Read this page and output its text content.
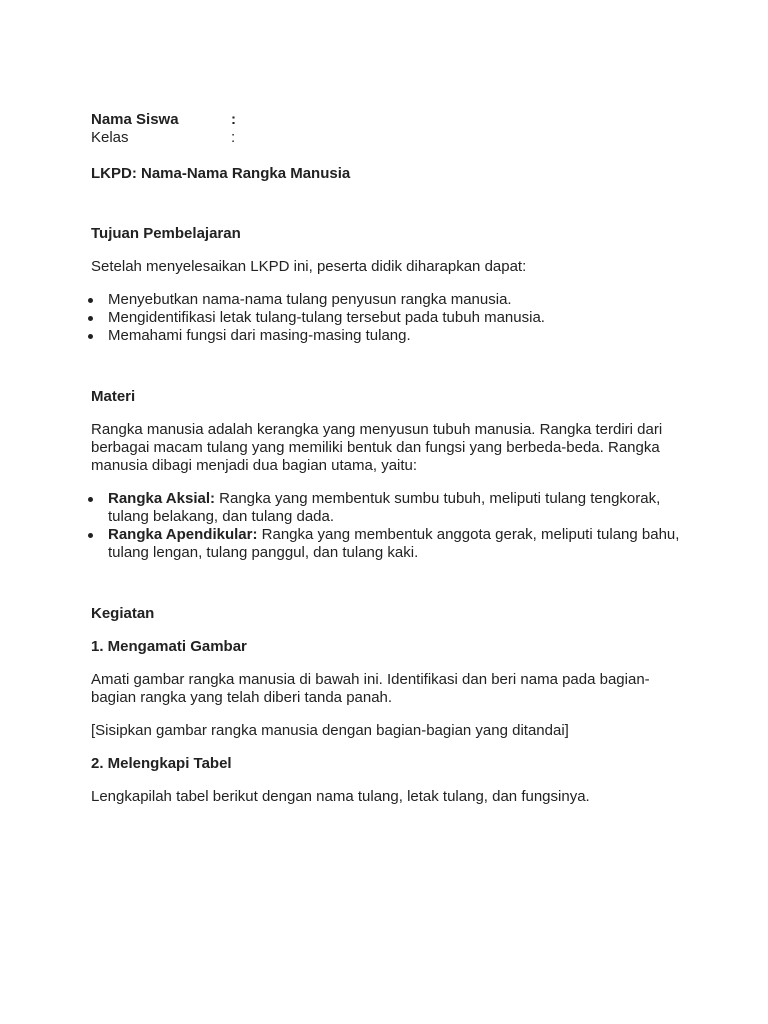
Nama Siswa	:
Kelas	:

LKPD: Nama-Nama Rangka Manusia

Tujuan Pembelajaran

Setelah menyelesaikan LKPD ini, peserta didik diharapkan dapat:

Menyebutkan nama-nama tulang penyusun rangka manusia.
Mengidentifikasi letak tulang-tulang tersebut pada tubuh manusia.
Memahami fungsi dari masing-masing tulang.

Materi

Rangka manusia adalah kerangka yang menyusun tubuh manusia. Rangka terdiri dari berbagai macam tulang yang memiliki bentuk dan fungsi yang berbeda-beda. Rangka manusia dibagi menjadi dua bagian utama, yaitu:

Rangka Aksial: Rangka yang membentuk sumbu tubuh, meliputi tulang tengkorak, tulang belakang, dan tulang dada.
Rangka Apendikular: Rangka yang membentuk anggota gerak, meliputi tulang bahu, tulang lengan, tulang panggul, dan tulang kaki.

Kegiatan

1. Mengamati Gambar

Amati gambar rangka manusia di bawah ini. Identifikasi dan beri nama pada bagian-bagian rangka yang telah diberi tanda panah.

[Sisipkan gambar rangka manusia dengan bagian-bagian yang ditandai]

2. Melengkapi Tabel

Lengkapilah tabel berikut dengan nama tulang, letak tulang, dan fungsinya.
